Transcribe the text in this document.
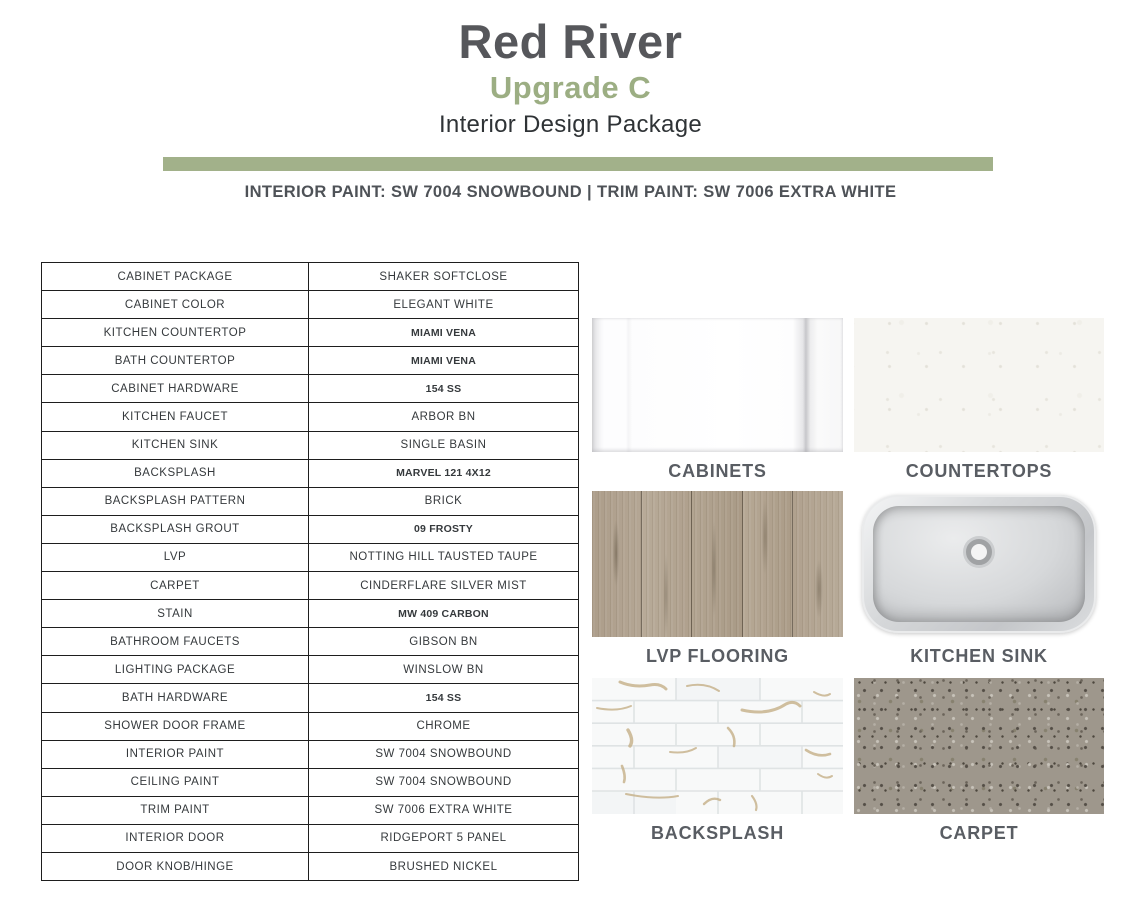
Red River
Upgrade C
Interior Design Package
INTERIOR PAINT: SW 7004 SNOWBOUND | TRIM PAINT: SW 7006 EXTRA WHITE
CABINET PACKAGE	SHAKER SOFTCLOSE
CABINET COLOR	ELEGANT WHITE
KITCHEN COUNTERTOP	MIAMI VENA
BATH COUNTERTOP	MIAMI VENA
CABINET HARDWARE	154 SS
KITCHEN FAUCET	ARBOR BN
KITCHEN SINK	SINGLE BASIN
BACKSPLASH	MARVEL 121 4X12
BACKSPLASH PATTERN	BRICK
BACKSPLASH GROUT	09 FROSTY
LVP	NOTTING HILL TAUSTED TAUPE
CARPET	CINDERFLARE SILVER MIST
STAIN	MW 409 CARBON
BATHROOM FAUCETS	GIBSON BN
LIGHTING PACKAGE	WINSLOW BN
BATH HARDWARE	154 SS
SHOWER DOOR FRAME	CHROME
INTERIOR PAINT	SW 7004 SNOWBOUND
CEILING PAINT	SW 7004 SNOWBOUND
TRIM PAINT	SW 7006 EXTRA WHITE
INTERIOR DOOR	RIDGEPORT 5 PANEL
DOOR KNOB/HINGE	BRUSHED NICKEL
CABINETS	COUNTERTOPS
LVP FLOORING	KITCHEN SINK
BACKSPLASH	CARPET
